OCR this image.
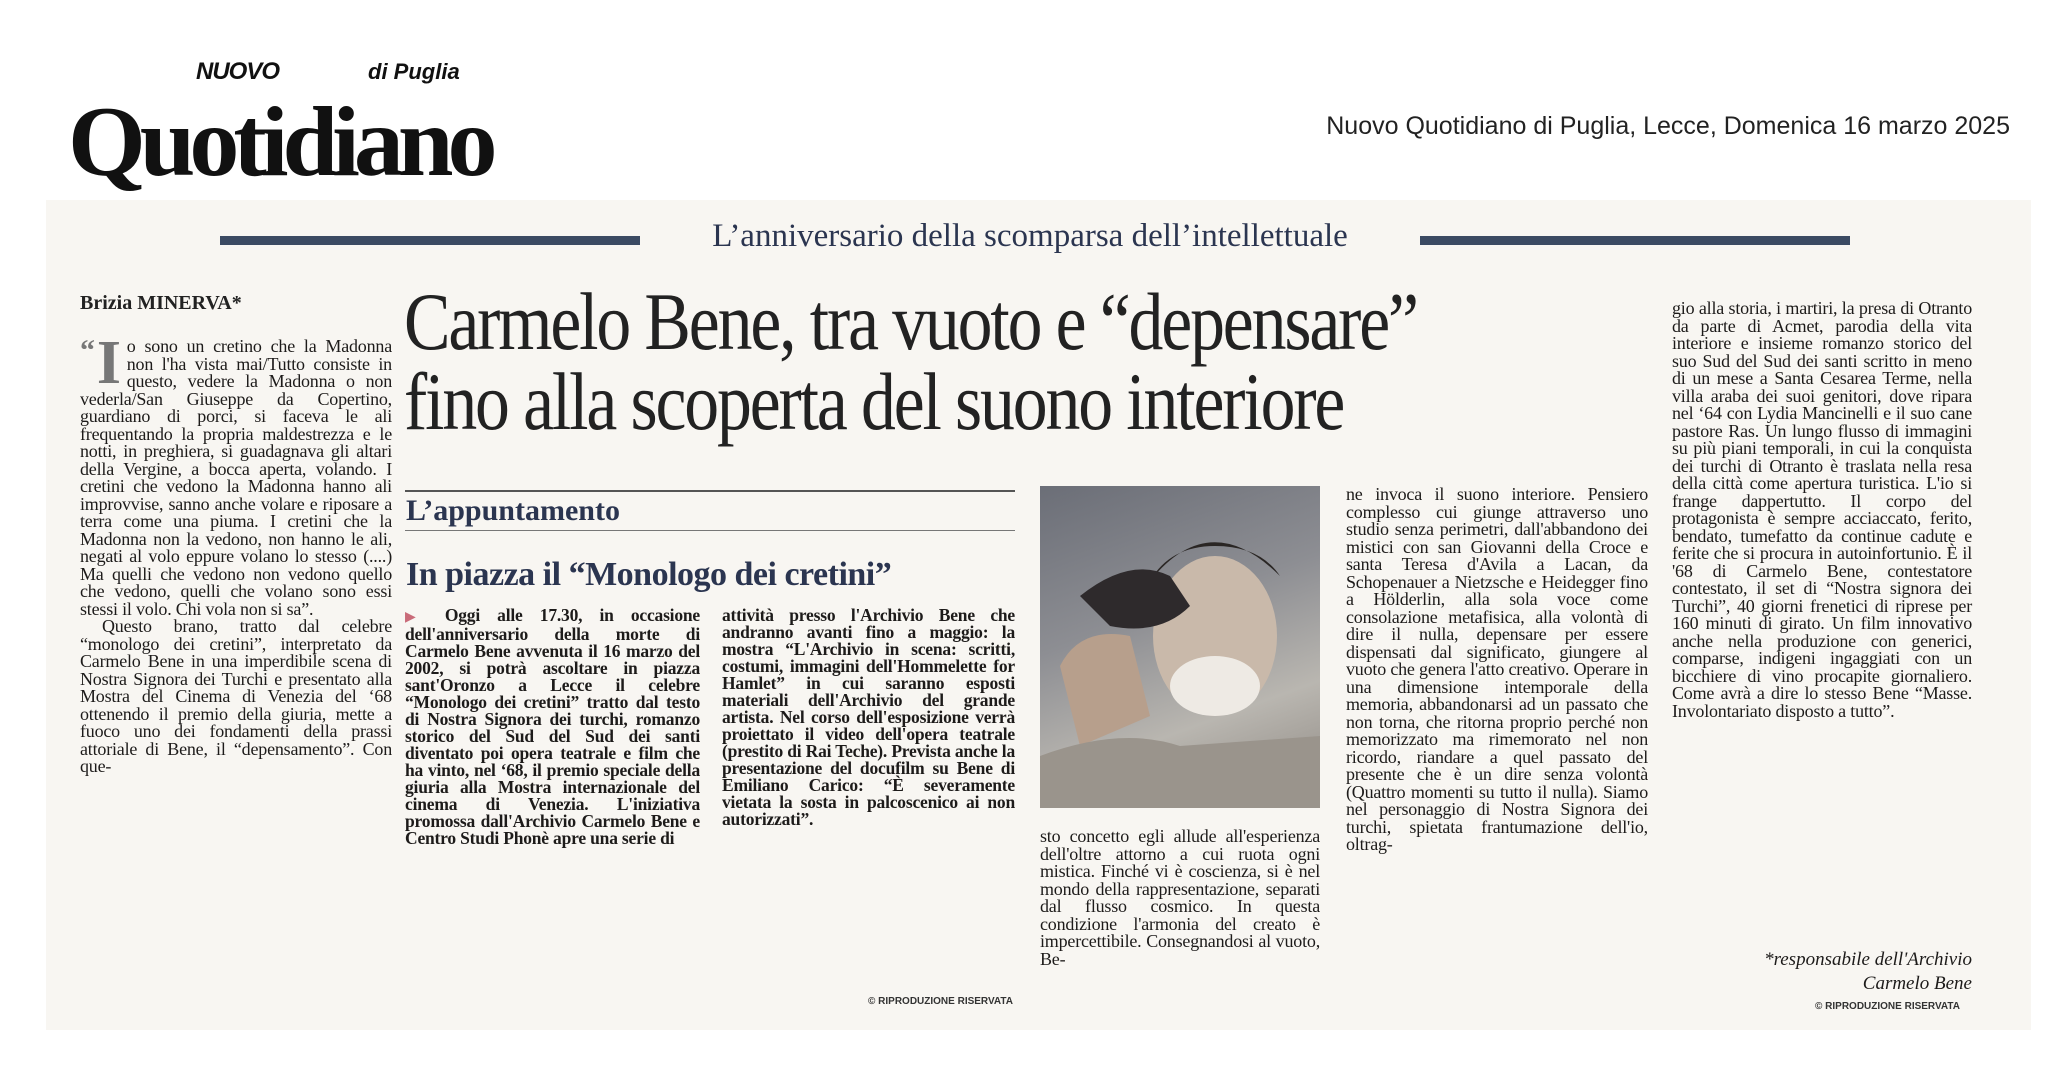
NUOVO	di Puglia
Quotidiano	Nuovo Quotidiano di Puglia, Lecce, Domenica 16 marzo 2025
L’anniversario della scomparsa dell’intellettuale
Brizia MINERVA* Carmelo Bene, tra vuoto e “depensare”
fino alla scoperta del suono interiore

“ I o sono un cretino che la Madonna non l'ha vista mai/Tutto consiste in questo, vedere la Madonna o non vederla/San Giuseppe da Copertino, guardiano di porci, si faceva le ali frequentando la propria maldestrezza e le notti, in preghiera, si guadagnava gli altari della Vergine, a bocca aperta, volando. I cretini che vedono la Madonna hanno ali improvvise, sanno anche volare e riposare a terra come una piuma. I cretini che la Madonna non la vedono, non hanno le ali, negati al volo eppure volano lo stesso (....) Ma quelli che vedono non vedono quello che vedono, quelli che volano sono essi stessi il volo. Chi vola non si sa”.

Questo brano, tratto dal celebre “monologo dei cretini”, interpretato da Carmelo Bene in una imperdibile scena di Nostra Signora dei Turchi e presentato alla Mostra del Cinema di Venezia del ‘68 ottenendo il premio della giuria, mette a fuoco uno dei fondamenti della prassi attoriale di Bene, il “depensamento”. Con que-

L’appuntamento
In piazza il “Monologo dei cretini”
▶ Oggi alle 17.30, in occasione dell'anniversario della morte di Carmelo Bene avvenuta il 16 marzo del 2002, si potrà ascoltare in piazza sant'Oronzo a Lecce il celebre “Monologo dei cretini” tratto dal testo di Nostra Signora dei turchi, romanzo storico del Sud del Sud dei santi diventato poi opera teatrale e film che ha vinto, nel ‘68, il premio speciale della giuria alla Mostra internazionale del cinema di Venezia. L'iniziativa promossa dall'Archivio Carmelo Bene e Centro Studi Phonè apre una serie di
attività presso l'Archivio Bene che andranno avanti fino a maggio: la mostra “L'Archivio in scena: scritti, costumi, immagini dell'Hommelette for Hamlet” in cui saranno esposti materiali dell'Archivio del grande artista. Nel corso dell'esposizione verrà proiettato il video dell'opera teatrale (prestito di Rai Teche). Prevista anche la presentazione del docufilm su Bene di Emiliano Carico: “È severamente vietata la sosta in palcoscenico ai non autorizzati”.
© RIPRODUZIONE RISERVATA
sto concetto egli allude all'esperienza dell'oltre attorno a cui ruota ogni mistica. Finché vi è coscienza, si è nel mondo della rappresentazione, separati dal flusso cosmico. In questa condizione l'armonia del creato è impercettibile. Consegnandosi al vuoto, Be-
ne invoca il suono interiore. Pensiero complesso cui giunge attraverso uno studio senza perimetri, dall'abbandono dei mistici con san Giovanni della Croce e santa Teresa d'Avila a Lacan, da Schopenauer a Nietzsche e Heidegger fino a Hölderlin, alla sola voce come consolazione metafisica, alla volontà di dire il nulla, depensare per essere dispensati dal significato, giungere al vuoto che genera l'atto creativo. Operare in una dimensione intemporale della memoria, abbandonarsi ad un passato che non torna, che ritorna proprio perché non memorizzato ma rimemorato nel non ricordo, riandare a quel passato del presente che è un dire senza volontà (Quattro momenti su tutto il nulla). Siamo nel personaggio di Nostra Signora dei turchi, spietata frantumazione dell'io, oltrag-
gio alla storia, i martiri, la presa di Otranto da parte di Acmet, parodia della vita interiore e insieme romanzo storico del suo Sud del Sud dei santi scritto in meno di un mese a Santa Cesarea Terme, nella villa araba dei suoi genitori, dove ripara nel ‘64 con Lydia Mancinelli e il suo cane pastore Ras. Un lungo flusso di immagini su più piani temporali, in cui la conquista dei turchi di Otranto è traslata nella resa della città come apertura turistica. L'io si frange dappertutto. Il corpo del protagonista è sempre acciaccato, ferito, bendato, tumefatto da continue cadute e ferite che si procura in autoinfortunio. È il '68 di Carmelo Bene, contestatore contestato, il set di “Nostra signora dei Turchi”, 40 giorni frenetici di riprese per 160 minuti di girato. Un film innovativo anche nella produzione con generici, comparse, indigeni ingaggiati con un bicchiere di vino procapite giornaliero. Come avrà a dire lo stesso Bene “Masse. Involontariato disposto a tutto”.
*responsabile dell'Archivio
Carmelo Bene
© RIPRODUZIONE RISERVATA
